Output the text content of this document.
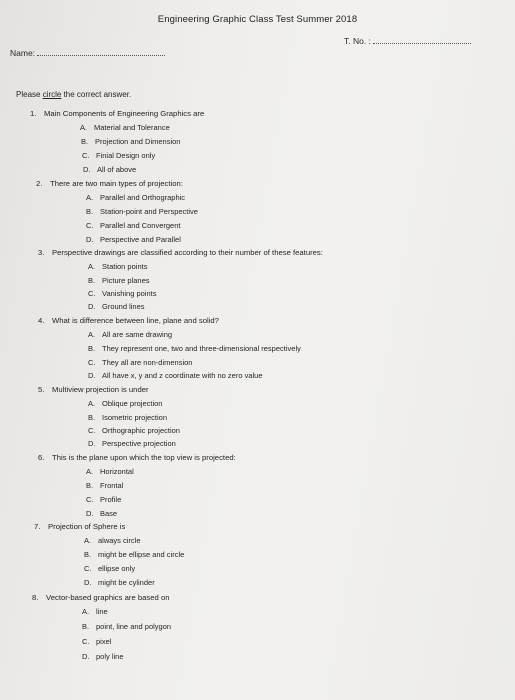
Engineering Graphic Class Test Summer 2018
T. No. :
Name:
Please circle the correct answer.
1. Main Components of Engineering Graphics are
A. Material and Tolerance
B. Projection and Dimension
C. Finial Design only
D. All of above
2. There are two main types of projection:
A. Parallel and Orthographic
B. Station-point and Perspective
C. Parallel and Convergent
D. Perspective and Parallel
3. Perspective drawings are classified according to their number of these features:
A. Station points
B. Picture planes
C. Vanishing points
D. Ground lines
4. What is difference between line, plane and solid?
A. All are same drawing
B. They represent one, two and three-dimensional respectively
C. They all are non-dimension
D. All have x, y and z coordinate with no zero value
5. Multiview projection is under
A. Oblique projection
B. Isometric projection
C. Orthographic projection
D. Perspective projection
6. This is the plane upon which the top view is projected:
A. Horizontal
B. Frontal
C. Profile
D. Base
7. Projection of Sphere is
A. always circle
B. might be ellipse and circle
C. ellipse only
D. might be cylinder
8. Vector-based graphics are based on
A. line
B. point, line and polygon
C. pixel
D. poly line
